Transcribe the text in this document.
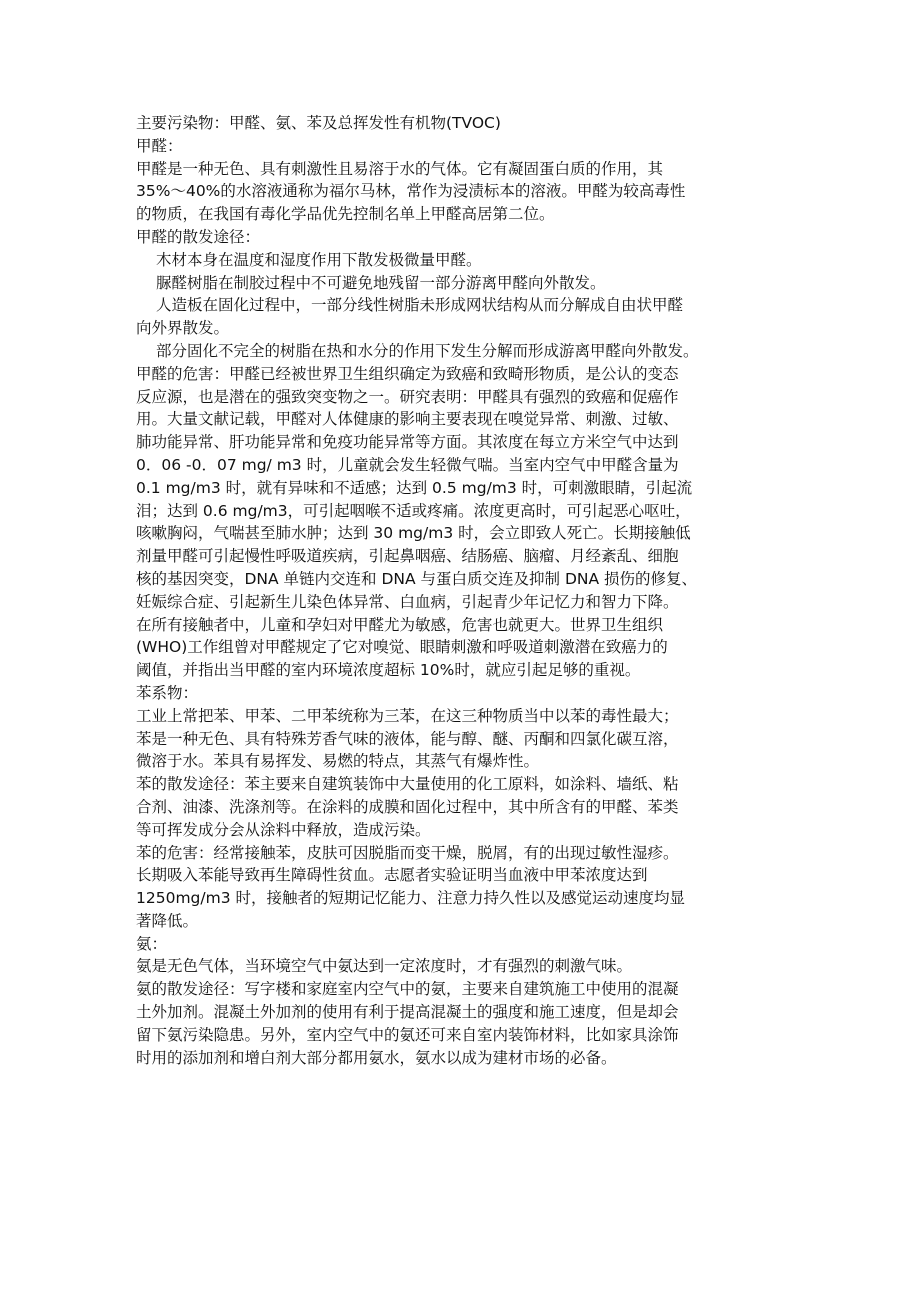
主要污染物：甲醛、氨、苯及总挥发性有机物(TVOC)
甲醛：
甲醛是一种无色、具有刺激性且易溶于水的气体。它有凝固蛋白质的作用，其
35%～40%的水溶液通称为福尔马林，常作为浸渍标本的溶液。甲醛为较高毒性
的物质，在我国有毒化学品优先控制名单上甲醛高居第二位。
甲醛的散发途径：
木材本身在温度和湿度作用下散发极微量甲醛。
脲醛树脂在制胶过程中不可避免地残留一部分游离甲醛向外散发。
人造板在固化过程中，一部分线性树脂未形成网状结构从而分解成自由状甲醛
向外界散发。
部分固化不完全的树脂在热和水分的作用下发生分解而形成游离甲醛向外散发。
甲醛的危害：甲醛已经被世界卫生组织确定为致癌和致畸形物质，是公认的变态
反应源，也是潜在的强致突变物之一。研究表明：甲醛具有强烈的致癌和促癌作
用。大量文献记载，甲醛对人体健康的影响主要表现在嗅觉异常、刺激、过敏、
肺功能异常、肝功能异常和免疫功能异常等方面。其浓度在每立方米空气中达到
0．06 -0．07 mg/ m3 时，儿童就会发生轻微气喘。当室内空气中甲醛含量为
0.1 mg/m3 时，就有异味和不适感；达到 0.5 mg/m3 时，可刺激眼睛，引起流
泪；达到 0.6 mg/m3，可引起咽喉不适或疼痛。浓度更高时，可引起恶心呕吐，
咳嗽胸闷，气喘甚至肺水肿；达到 30 mg/m3 时，会立即致人死亡。长期接触低
剂量甲醛可引起慢性呼吸道疾病，引起鼻咽癌、结肠癌、脑瘤、月经紊乱、细胞
核的基因突变，DNA 单链内交连和 DNA 与蛋白质交连及抑制 DNA 损伤的修复、
妊娠综合症、引起新生儿染色体异常、白血病，引起青少年记忆力和智力下降。
在所有接触者中，儿童和孕妇对甲醛尤为敏感，危害也就更大。世界卫生组织
(WHO)工作组曾对甲醛规定了它对嗅觉、眼睛刺激和呼吸道刺激潜在致癌力的
阈值，并指出当甲醛的室内环境浓度超标 10%时，就应引起足够的重视。
苯系物：
工业上常把苯、甲苯、二甲苯统称为三苯，在这三种物质当中以苯的毒性最大；
苯是一种无色、具有特殊芳香气味的液体，能与醇、醚、丙酮和四氯化碳互溶，
微溶于水。苯具有易挥发、易燃的特点，其蒸气有爆炸性。
苯的散发途径：苯主要来自建筑装饰中大量使用的化工原料，如涂料、墙纸、粘
合剂、油漆、洗涤剂等。在涂料的成膜和固化过程中，其中所含有的甲醛、苯类
等可挥发成分会从涂料中释放，造成污染。
苯的危害：经常接触苯，皮肤可因脱脂而变干燥，脱屑，有的出现过敏性湿疹。
长期吸入苯能导致再生障碍性贫血。志愿者实验证明当血液中甲苯浓度达到
1250mg/m3 时，接触者的短期记忆能力、注意力持久性以及感觉运动速度均显
著降低。
氨：
氨是无色气体，当环境空气中氨达到一定浓度时，才有强烈的刺激气味。
氨的散发途径：写字楼和家庭室内空气中的氨，主要来自建筑施工中使用的混凝
土外加剂。混凝土外加剂的使用有利于提高混凝土的强度和施工速度，但是却会
留下氨污染隐患。另外，室内空气中的氨还可来自室内装饰材料，比如家具涂饰
时用的添加剂和增白剂大部分都用氨水，氨水以成为建材市场的必备。
